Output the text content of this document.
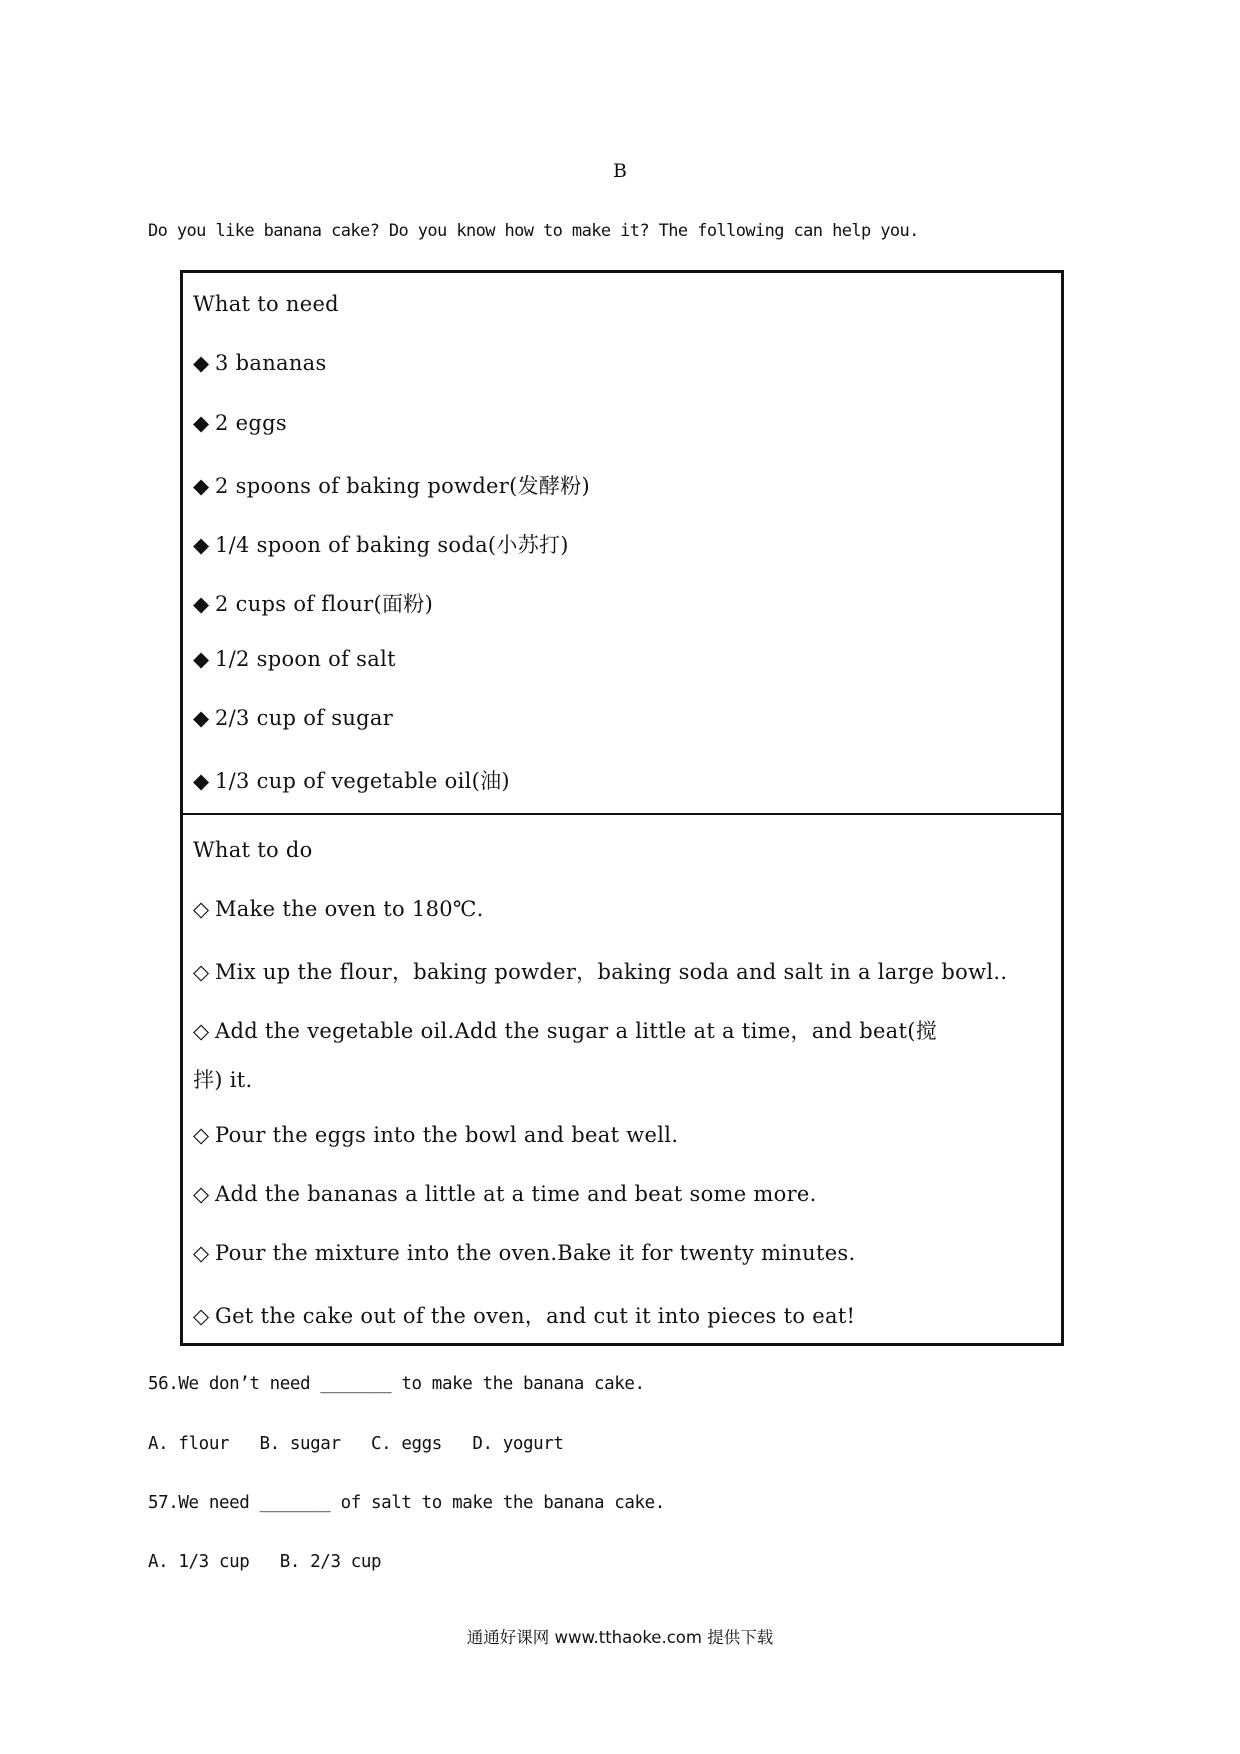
B
Do you like banana cake? Do you know how to make it? The following can help you.
What to need
◆ 3 bananas
◆ 2 eggs
◆ 2 spoons of baking powder(发酵粉)
◆ 1/4 spoon of baking soda(小苏打)
◆ 2 cups of flour(面粉)
◆ 1/2 spoon of salt
◆ 2/3 cup of sugar
◆ 1/3 cup of vegetable oil(油)
What to do
◇ Make the oven to 180℃.
◇ Mix up the flour，baking powder，baking soda and salt in a large bowl..
◇ Add the vegetable oil.Add the sugar a little at a time，and beat(搅
拌) it.
◇ Pour the eggs into the bowl and beat well.
◇ Add the bananas a little at a time and beat some more.
◇ Pour the mixture into the oven.Bake it for twenty minutes.
◇ Get the cake out of the oven，and cut it into pieces to eat!
56.We don’t need _______ to make the banana cake.
A. flour   B. sugar   C. eggs   D. yogurt
57.We need _______ of salt to make the banana cake.
A. 1/3 cup   B. 2/3 cup
通通好课网 www.tthaoke.com 提供下载
